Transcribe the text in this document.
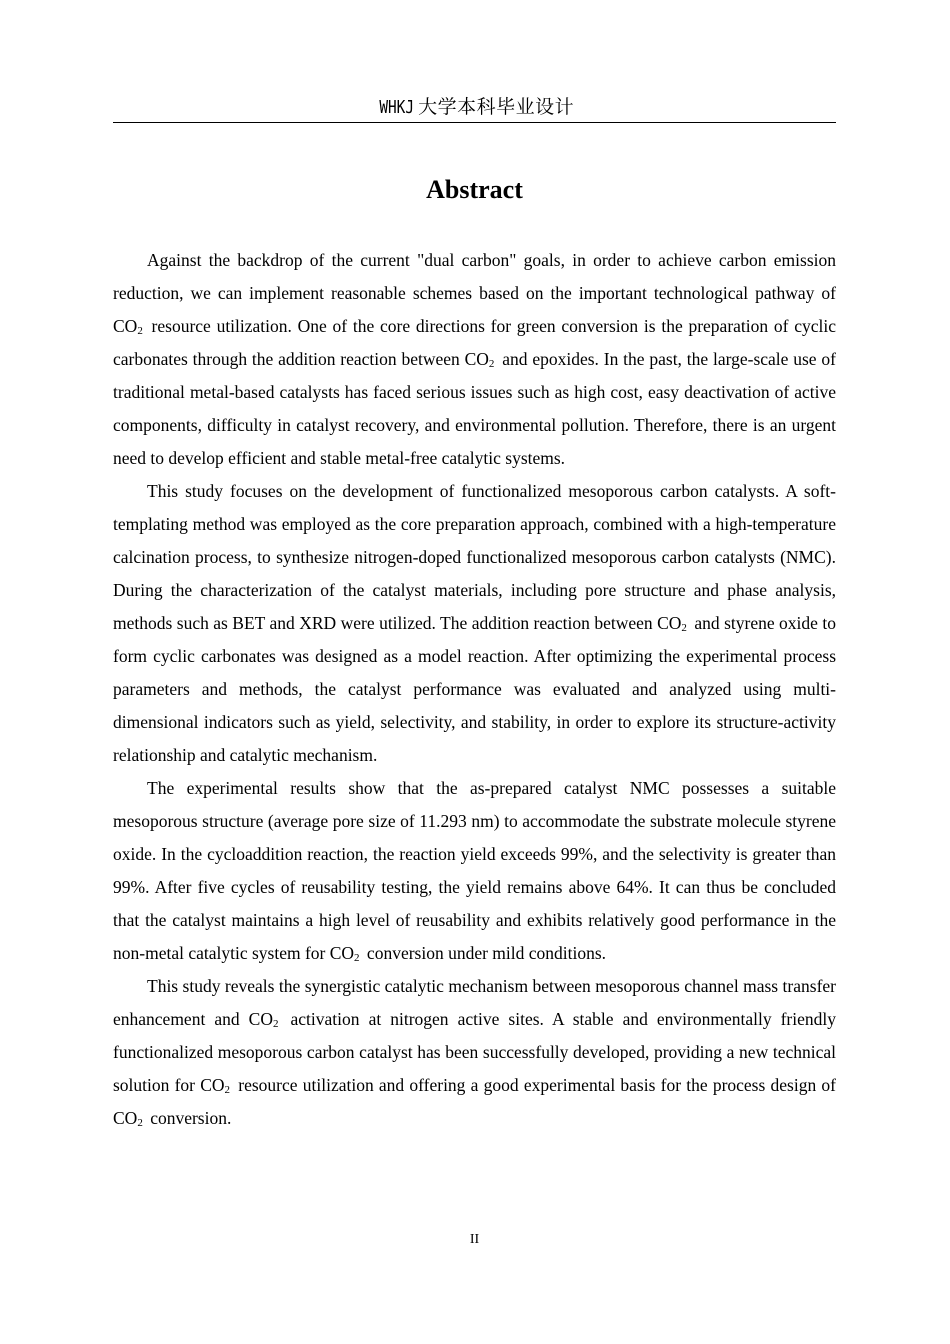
WHKJ 大学本科毕业设计
Abstract

Against the backdrop of the current "dual carbon" goals, in order to achieve carbon emission reduction, we can implement reasonable schemes based on the important technological pathway of $CO_2$ resource utilization. One of the core directions for green conversion is the preparation of cyclic carbonates through the addition reaction between $CO_2$ and epoxides. In the past, the large-scale use of traditional metal-based catalysts has faced serious issues such as high cost, easy deactivation of active components, difficulty in catalyst recovery, and environmental pollution. Therefore, there is an urgent need to develop efficient and stable metal-free catalytic systems.

This study focuses on the development of functionalized mesoporous carbon catalysts. A soft-templating method was employed as the core preparation approach, combined with a high-temperature calcination process, to synthesize nitrogen-doped functionalized mesoporous carbon catalysts (NMC). During the characterization of the catalyst materials, including pore structure and phase analysis, methods such as BET and XRD were utilized. The addition reaction between $CO_2$ and styrene oxide to form cyclic carbonates was designed as a model reaction. After optimizing the experimental process parameters and methods, the catalyst performance was evaluated and analyzed using multi-dimensional indicators such as yield, selectivity, and stability, in order to explore its structure-activity relationship and catalytic mechanism.

The experimental results show that the as-prepared catalyst NMC possesses a suitable mesoporous structure (average pore size of 11.293 nm) to accommodate the substrate molecule styrene oxide. In the cycloaddition reaction, the reaction yield exceeds 99%, and the selectivity is greater than 99%. After five cycles of reusability testing, the yield remains above 64%. It can thus be concluded that the catalyst maintains a high level of reusability and exhibits relatively good performance in the non-metal catalytic system for $CO_2$ conversion under mild conditions.

This study reveals the synergistic catalytic mechanism between mesoporous channel mass transfer enhancement and $CO_2$ activation at nitrogen active sites. A stable and environmentally friendly functionalized mesoporous carbon catalyst has been successfully developed, providing a new technical solution for $CO_2$ resource utilization and offering a good experimental basis for the process design of $CO_2$ conversion.

II
